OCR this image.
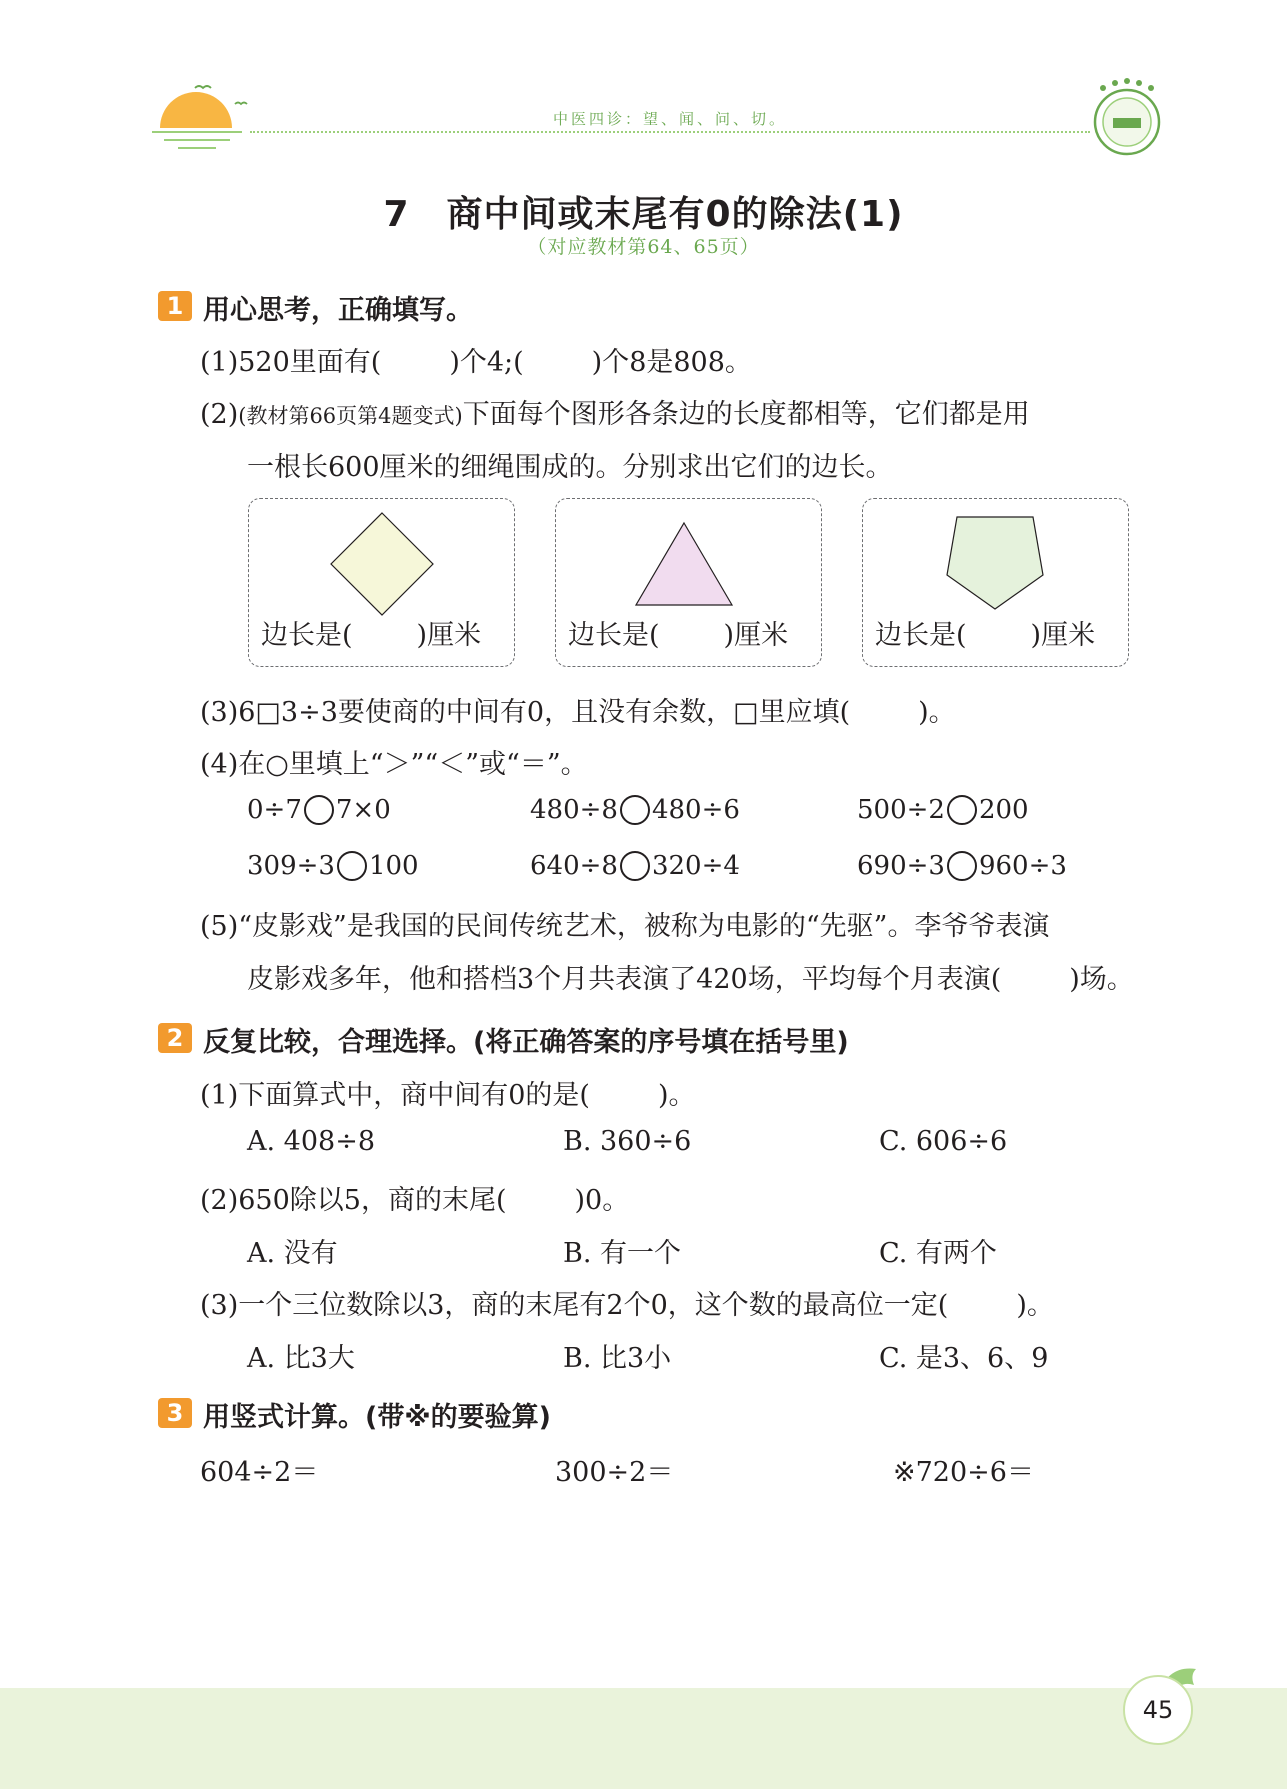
中医四诊：望、闻、问、切。
7　商中间或末尾有0的除法(1)
（对应教材第64、65页）
1 用心思考，正确填写。
(1)520里面有(	)个4;(	)个8是808。
(2)(教材第66页第4题变式)下面每个图形各条边的长度都相等，它们都是用
一根长600厘米的细绳围成的。分别求出它们的边长。
边长是( )厘米	边长是( )厘米	边长是( )厘米
(3)6□3÷3要使商的中间有0，且没有余数，□里应填(	)。
(4)在○里填上“＞”“＜”或“＝”。
0÷7 7×0	480÷8 480÷6	500÷2 200
309÷3 100	640÷8 320÷4	690÷3 960÷3
(5)“皮影戏”是我国的民间传统艺术，被称为电影的“先驱”。李爷爷表演
皮影戏多年，他和搭档3个月共表演了420场，平均每个月表演(	)场。
2 反复比较，合理选择。(将正确答案的序号填在括号里)
(1)下面算式中，商中间有0的是(	)。
A. 408÷8	B. 360÷6	C. 606÷6
(2)650除以5，商的末尾(	)0。
A. 没有	B. 有一个	C. 有两个
(3)一个三位数除以3，商的末尾有2个0，这个数的最高位一定(	)。
A. 比3大	B. 比3小	C. 是3、6、9
3 用竖式计算。(带※的要验算)
604÷2＝	300÷2＝	※720÷6＝
45
